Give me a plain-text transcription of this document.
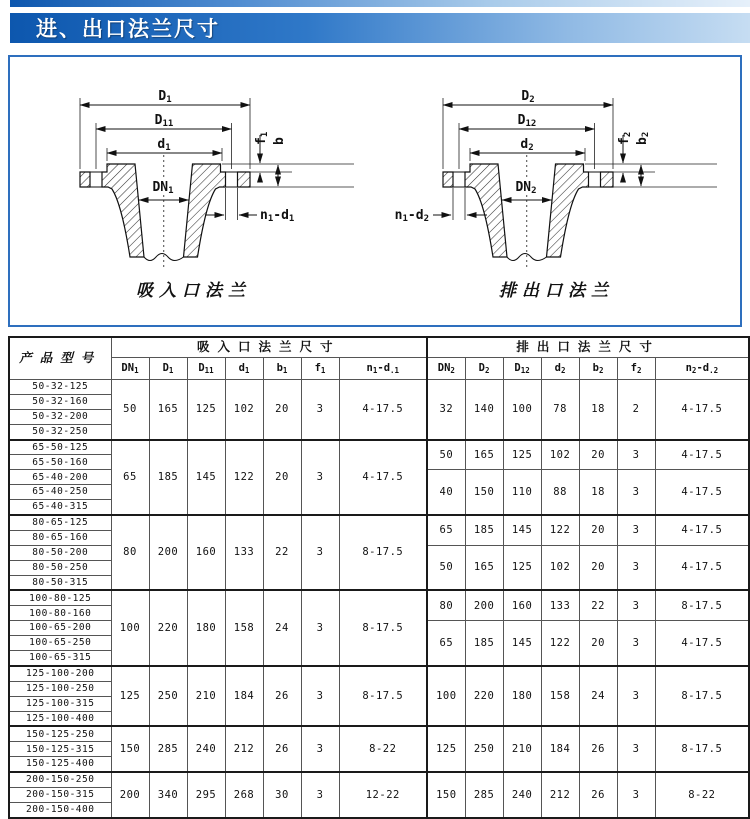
进、出口法兰尺寸
D1
D11
d1
DN1
f1
b
n1-d1
吸入口法兰
D2
D12
d2
DN2
f2
b2
n1-d2
排出口法兰
产品型号	吸入口法兰尺寸							排出口法兰尺寸						
	DN1	D1	D11	d1	b1	f1	n1-d.1	DN2	D2	D12	d2	b2	f2	n2-d.2
50-32-125	50	165	125	102	20	3	4-17.5	32	140	100	78	18	2	4-17.5
50-32-160														
50-32-200														
50-32-250														
65-50-125	65	185	145	122	20	3	4-17.5	50	165	125	102	20	3	4-17.5
65-50-160														
65-40-200								40	150	110	88	18	3	4-17.5
65-40-250														
65-40-315														
80-65-125	80	200	160	133	22	3	8-17.5	65	185	145	122	20	3	4-17.5
80-65-160														
80-50-200								50	165	125	102	20	3	4-17.5
80-50-250														
80-50-315														
100-80-125	100	220	180	158	24	3	8-17.5	80	200	160	133	22	3	8-17.5
100-80-160														
100-65-200								65	185	145	122	20	3	4-17.5
100-65-250														
100-65-315														
125-100-200	125	250	210	184	26	3	8-17.5	100	220	180	158	24	3	8-17.5
125-100-250														
125-100-315														
125-100-400														
150-125-250	150	285	240	212	26	3	8-22	125	250	210	184	26	3	8-17.5
150-125-315														
150-125-400														
200-150-250	200	340	295	268	30	3	12-22	150	285	240	212	26	3	8-22
200-150-315														
200-150-400														
